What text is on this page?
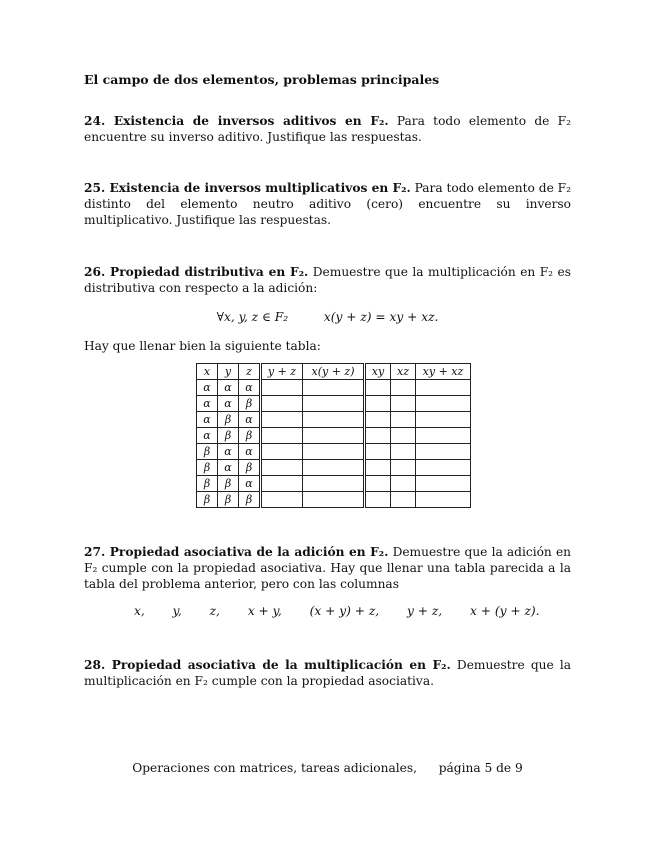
El campo de dos elementos, problemas principales
24. Existencia de inversos aditivos en F₂. Para todo elemento de F₂ encuentre su inverso aditivo. Justifique las respuestas.
25. Existencia de inversos multiplicativos en F₂. Para todo elemento de F₂ distinto del elemento neutro aditivo (cero) encuentre su inverso multiplicativo. Justifique las respuestas.
26. Propiedad distributiva en F₂. Demuestre que la multiplicación en F₂ es distributiva con respecto a la adición:
∀x, y, z ∈ F₂	x(y + z) = xy + xz.
Hay que llenar bien la siguiente tabla:
x	y	z	y + z	x(y + z)	xy	xz	xy + xz
α	α	α					
α	α	β					
α	β	α					
α	β	β					
β	α	α					
β	α	β					
β	β	α					
β	β	β					
27. Propiedad asociativa de la adición en F₂. Demuestre que la adición en F₂ cumple con la propiedad asociativa. Hay que llenar una tabla parecida a la tabla del problema anterior, pero con las columnas
x, y, z, x + y, (x + y) + z, y + z, x + (y + z).
28. Propiedad asociativa de la multiplicación en F₂. Demuestre que la multiplicación en F₂ cumple con la propiedad asociativa.
Operaciones con matrices, tareas adicionales, página 5 de 9
